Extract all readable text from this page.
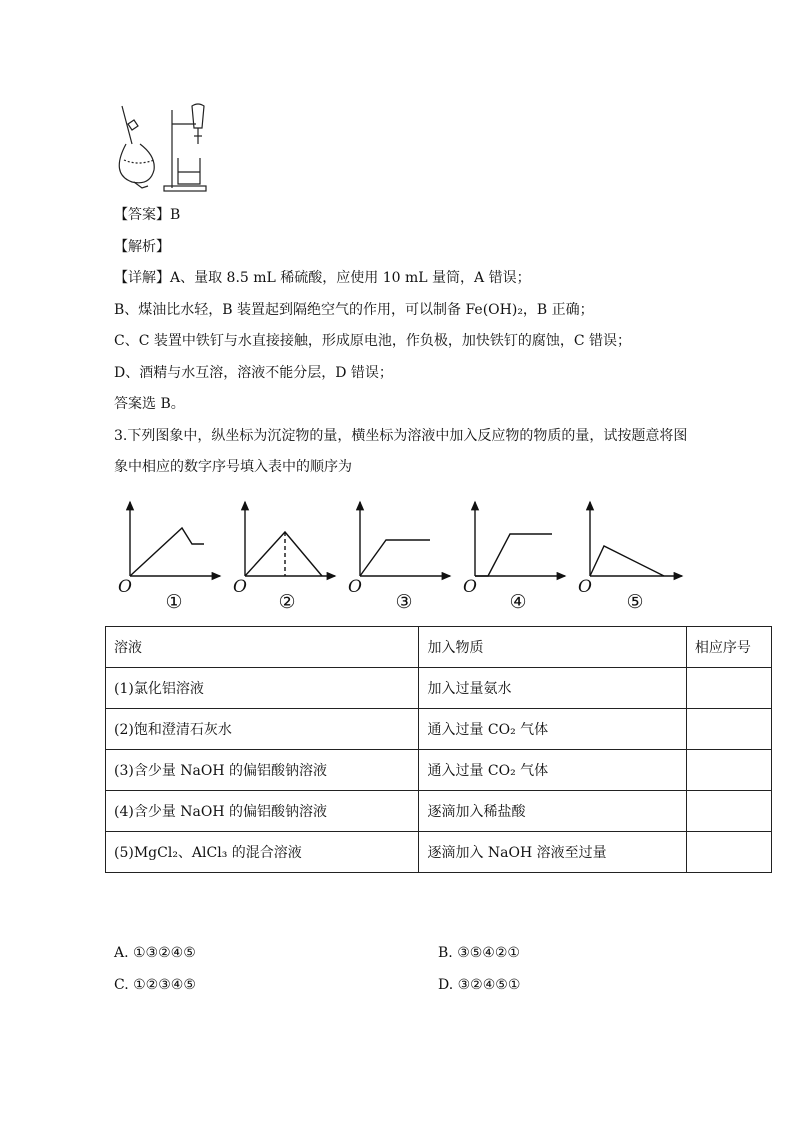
【答案】B
【解析】
【详解】A、量取 8.5 mL 稀硫酸，应使用 10 mL 量筒，A 错误；
B、煤油比水轻，B 装置起到隔绝空气的作用，可以制备 Fe(OH)₂，B 正确；
C、C 装置中铁钉与水直接接触，形成原电池，作负极，加快铁钉的腐蚀，C 错误；
D、酒精与水互溶，溶液不能分层，D 错误；
答案选 B。
3.下列图象中，纵坐标为沉淀物的量，横坐标为溶液中加入反应物的物质的量，试按题意将图
象中相应的数字序号填入表中的顺序为
O	O	O	O	O
①	②	③	④	⑤
溶液	加入物质	相应序号
(1)氯化铝溶液	加入过量氨水	
(2)饱和澄清石灰水	通入过量 CO₂ 气体	
(3)含少量 NaOH 的偏铝酸钠溶液	通入过量 CO₂ 气体	
(4)含少量 NaOH 的偏铝酸钠溶液	逐滴加入稀盐酸	
(5)MgCl₂、AlCl₃ 的混合溶液	逐滴加入 NaOH 溶液至过量	
A. ①③②④⑤	B. ③⑤④②①
C. ①②③④⑤	D. ③②④⑤①
